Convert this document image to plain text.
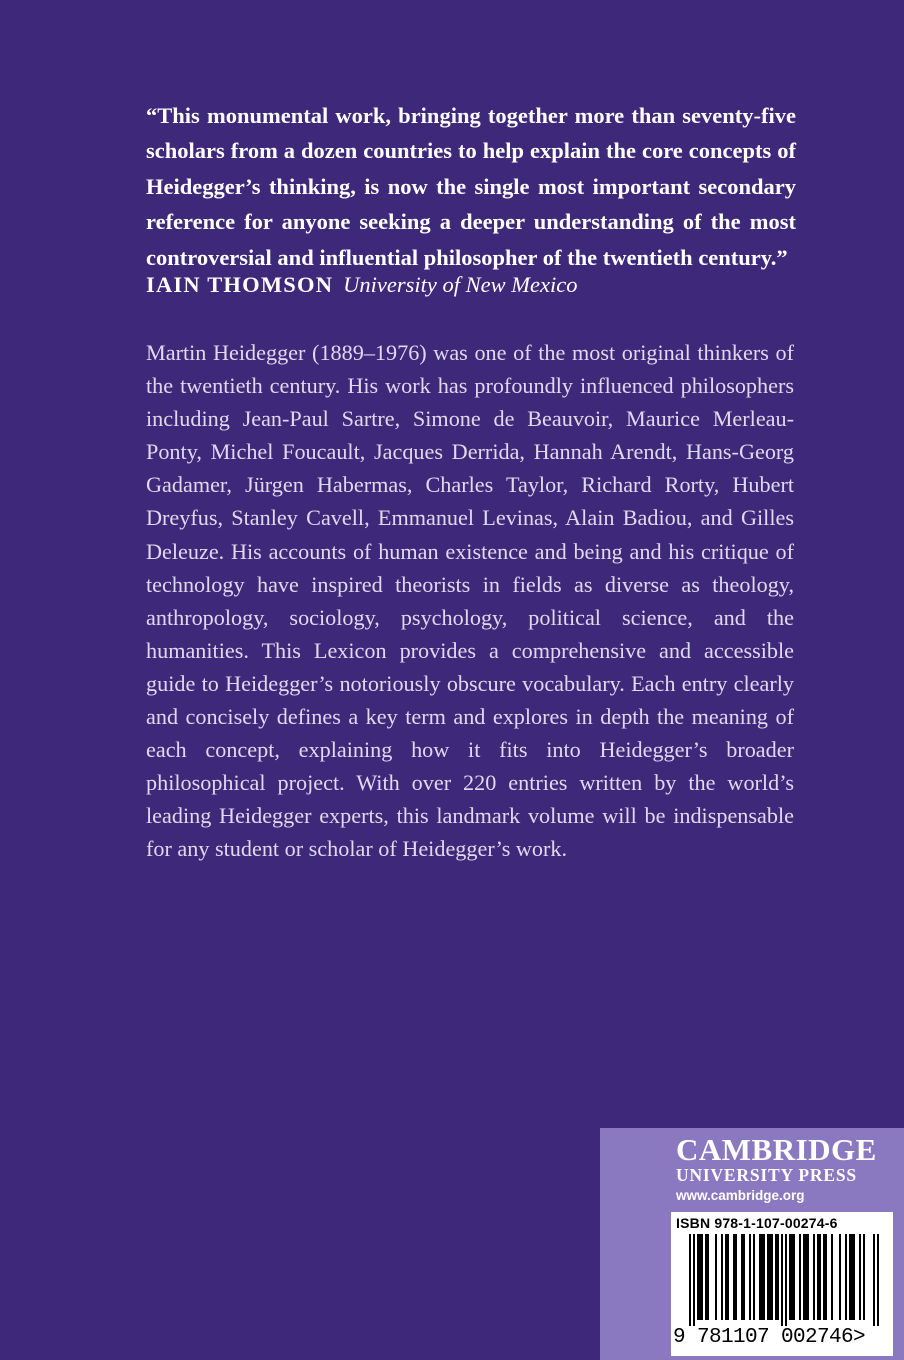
“This monumental work, bringing together more than seventy-five scholars from a dozen countries to help explain the core concepts of Heidegger’s thinking, is now the single most important secondary reference for anyone seeking a deeper understanding of the most controversial and influential philosopher of the twentieth century.”

IAIN THOMSON University of New Mexico

Martin Heidegger (1889–1976) was one of the most original thinkers of the twentieth century. His work has profoundly influenced philosophers including Jean-Paul Sartre, Simone de Beauvoir, Maurice Merleau-Ponty, Michel Foucault, Jacques Derrida, Hannah Arendt, Hans-Georg Gadamer, Jürgen Habermas, Charles Taylor, Richard Rorty, Hubert Dreyfus, Stanley Cavell, Emmanuel Levinas, Alain Badiou, and Gilles Deleuze. His accounts of human existence and being and his critique of technology have inspired theorists in fields as diverse as theology, anthropology, sociology, psychology, political science, and the humanities. This Lexicon provides a comprehensive and accessible guide to Heidegger’s notoriously obscure vocabulary. Each entry clearly and concisely defines a key term and explores in depth the meaning of each concept, explaining how it fits into Heidegger’s broader philosophical project. With over 220 entries written by the world’s leading Heidegger experts, this landmark volume will be indispensable for any student or scholar of Heidegger’s work.

CAMBRIDGE
UNIVERSITY PRESS
www.cambridge.org
ISBN 978-1-107-00274-6
9 781107 002746>
